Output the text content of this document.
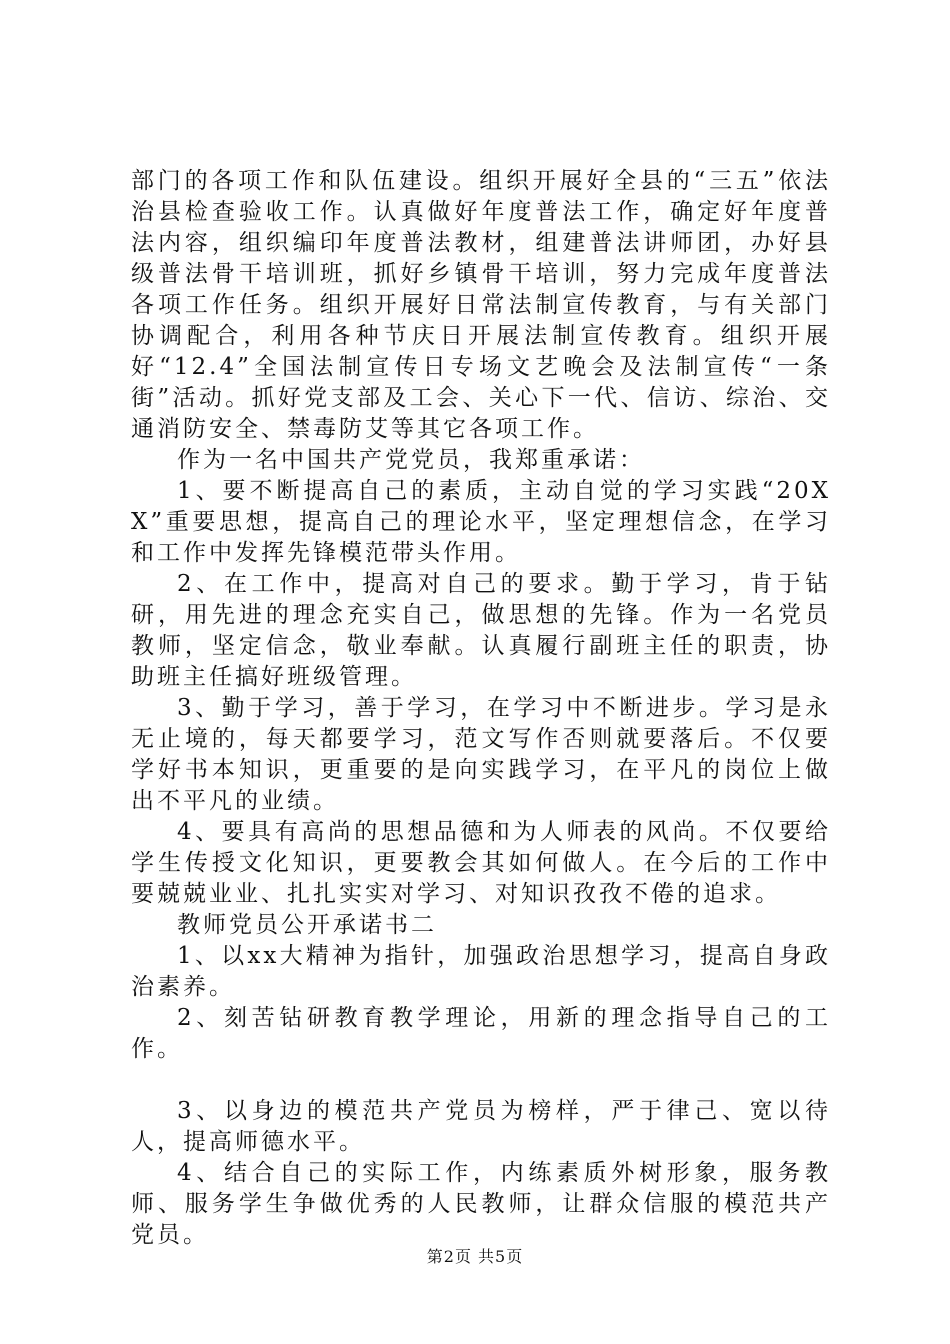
部门的各项工作和队伍建设。组织开展好全县的“三五”依法治县检查验收工作。认真做好年度普法工作，确定好年度普法内容，组织编印年度普法教材，组建普法讲师团，办好县级普法骨干培训班，抓好乡镇骨干培训，努力完成年度普法各项工作任务。组织开展好日常法制宣传教育，与有关部门协调配合，利用各种节庆日开展法制宣传教育。组织开展好“12.4”全国法制宣传日专场文艺晚会及法制宣传“一条街”活动。抓好党支部及工会、关心下一代、信访、综治、交通消防安全、禁毒防艾等其它各项工作。

作为一名中国共产党党员，我郑重承诺：

1、要不断提高自己的素质，主动自觉的学习实践“20XX”重要思想，提高自己的理论水平，坚定理想信念，在学习和工作中发挥先锋模范带头作用。

2、在工作中，提高对自己的要求。勤于学习，肯于钻研，用先进的理念充实自己，做思想的先锋。作为一名党员教师，坚定信念，敬业奉献。认真履行副班主任的职责，协助班主任搞好班级管理。

3、勤于学习，善于学习，在学习中不断进步。学习是永无止境的，每天都要学习，范文写作否则就要落后。不仅要学好书本知识，更重要的是向实践学习，在平凡的岗位上做出不平凡的业绩。

4、要具有高尚的思想品德和为人师表的风尚。不仅要给学生传授文化知识，更要教会其如何做人。在今后的工作中要兢兢业业、扎扎实实对学习、对知识孜孜不倦的追求。

教师党员公开承诺书二

1、以xx大精神为指针，加强政治思想学习，提高自身政治素养。

2、刻苦钻研教育教学理论，用新的理念指导自己的工作。

3、以身边的模范共产党员为榜样，严于律己、宽以待人，提高师德水平。

4、结合自己的实际工作，内练素质外树形象，服务教师、服务学生争做优秀的人民教师，让群众信服的模范共产党员。

第2页 共5页
